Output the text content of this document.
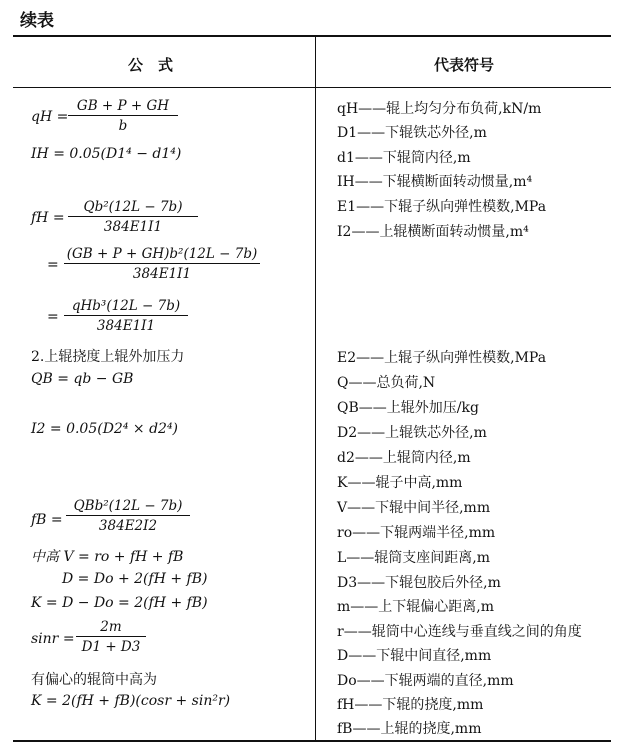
续表
公　式	代表符号
qH =
GB + P + GH
b
IH = 0.05(D1⁴ − d1⁴)
fH =
Qb²(12L − 7b)
384E1I1
=
(GB + P + GH)b²(12L − 7b)
384E1I1
=
qHb³(12L − 7b)
384E1I1
2.上辊挠度上辊外加压力
QB = qb − GB
I2 = 0.05(D2⁴ × d2⁴)
fB =
QBb²(12L − 7b)
384E2I2
中高 V = ro + fH + fB
D = Do + 2(fH + fB)
K = D − Do = 2(fH + fB)
sinr =
2m
D1 + D3
有偏心的辊筒中高为
K = 2(fH + fB)(cosr + sin²r)
qH——辊上均匀分布负荷,kN/m
D1——下辊铁芯外径,m
d1——下辊筒内径,m
IH——下辊横断面转动惯量,m⁴
E1——下辊子纵向弹性模数,MPa
I2——上辊横断面转动惯量,m⁴
E2——上辊子纵向弹性模数,MPa
Q——总负荷,N
QB——上辊外加压/kg
D2——上辊铁芯外径,m
d2——上辊筒内径,m
K——辊子中高,mm
V——下辊中间半径,mm
ro——下辊两端半径,mm
L——辊筒支座间距离,m
D3——下辊包胶后外径,m
m——上下辊偏心距离,m
r——辊筒中心连线与垂直线之间的角度
D——下辊中间直径,mm
Do——下辊两端的直径,mm
fH——下辊的挠度,mm
fB——上辊的挠度,mm
